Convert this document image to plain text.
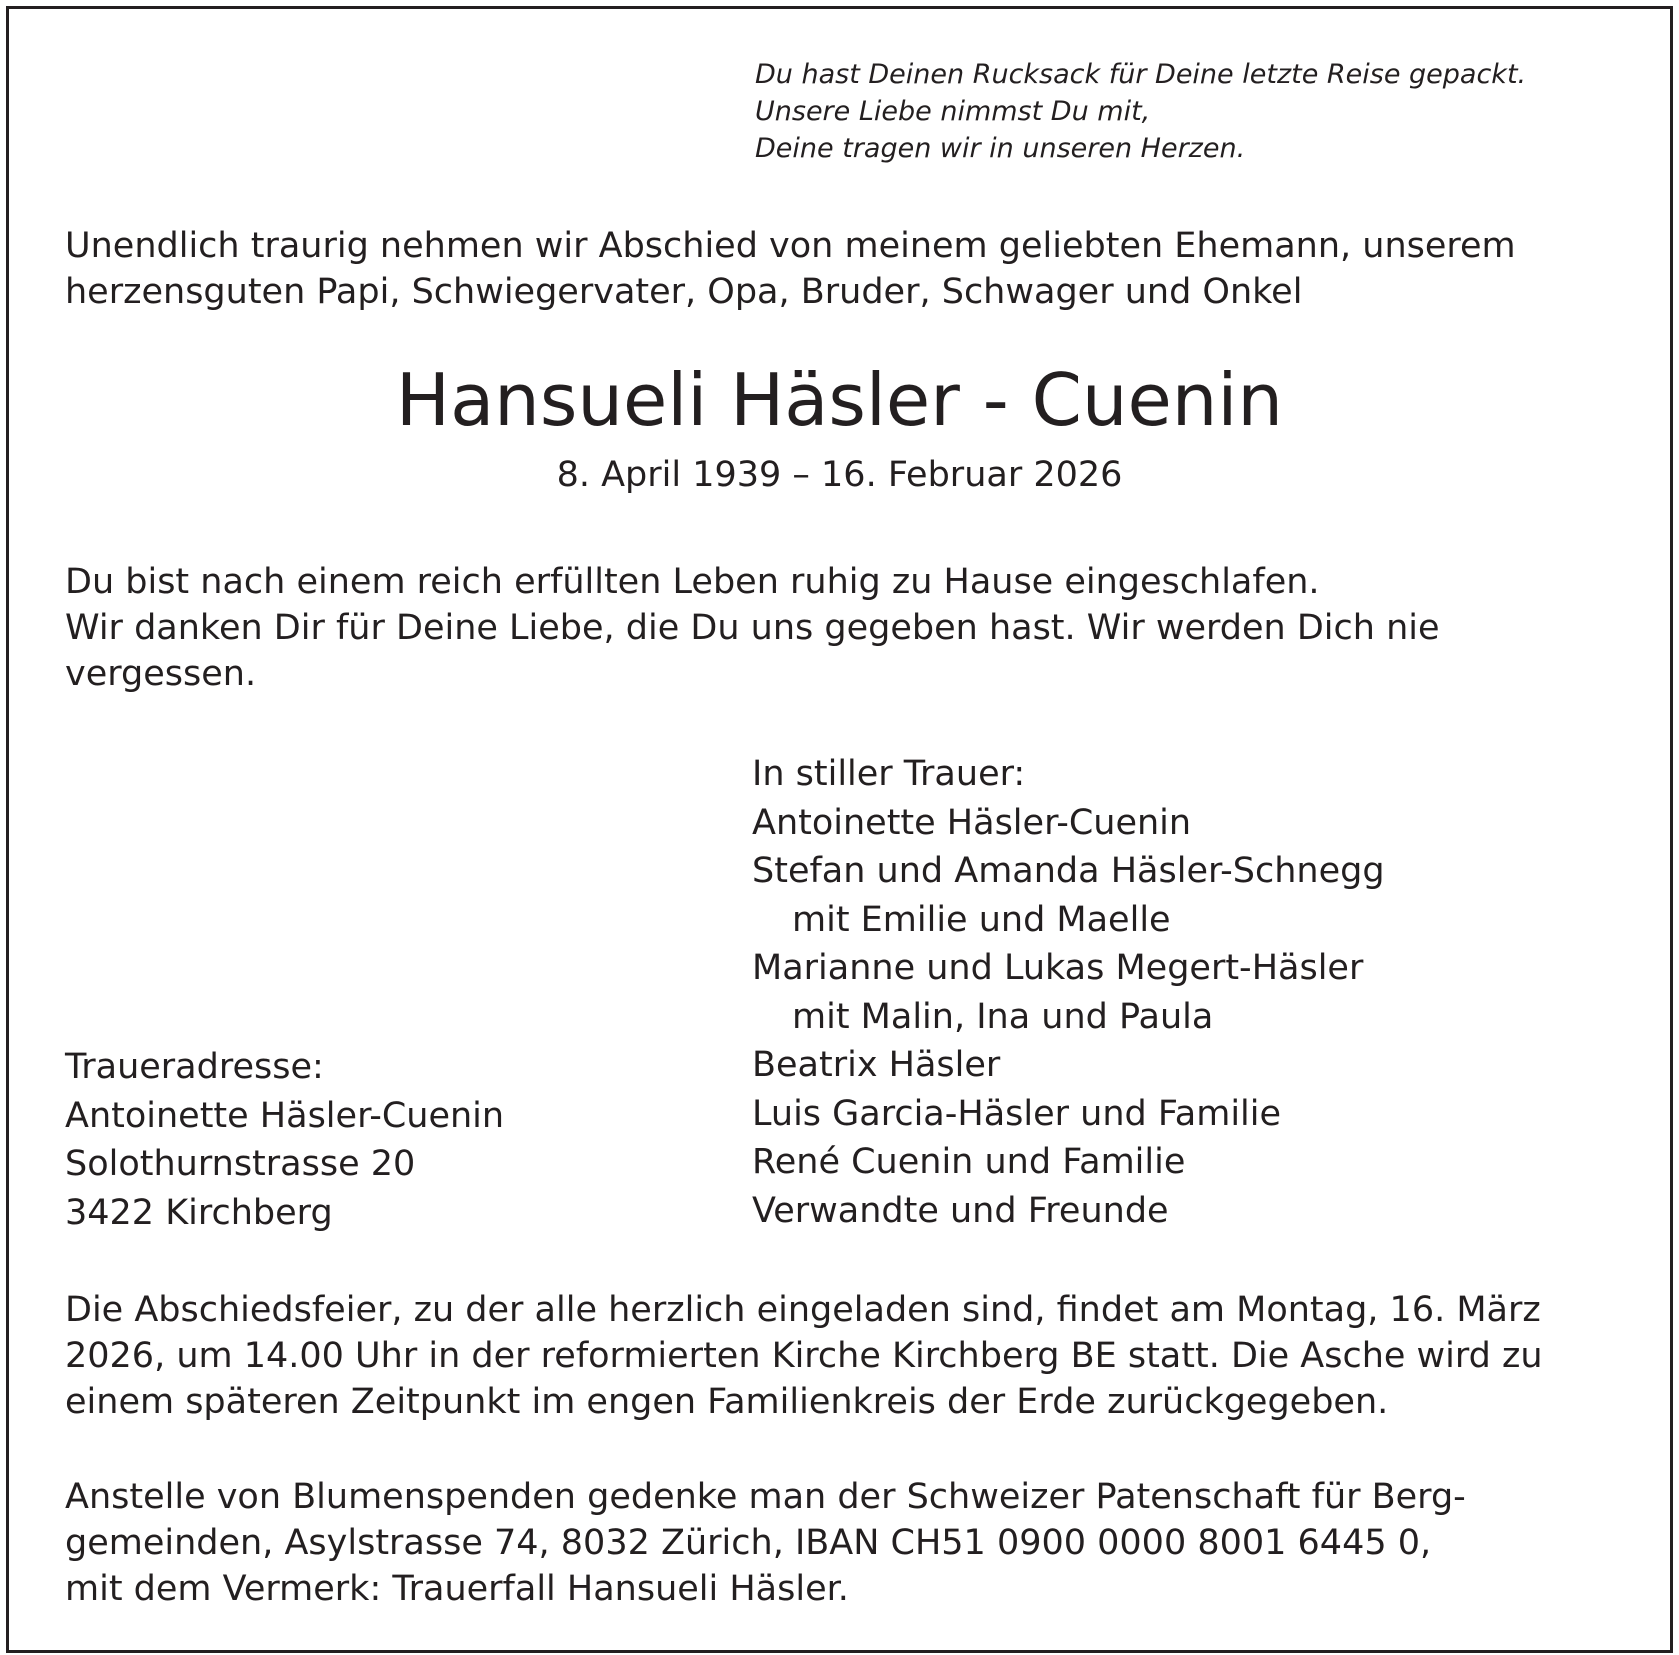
Du hast Deinen Rucksack für Deine letzte Reise gepackt.
Unsere Liebe nimmst Du mit,
Deine tragen wir in unseren Herzen.
Unendlich traurig nehmen wir Abschied von meinem geliebten Ehemann, unserem
herzensguten Papi, Schwiegervater, Opa, Bruder, Schwager und Onkel
Hansueli Häsler - Cuenin
8. April 1939 – 16. Februar 2026
Du bist nach einem reich erfüllten Leben ruhig zu Hause eingeschlafen.
Wir danken Dir für Deine Liebe, die Du uns gegeben hast. Wir werden Dich nie
vergessen.
In stiller Trauer:
Antoinette Häsler-Cuenin
Stefan und Amanda Häsler-Schnegg
mit Emilie und Maelle
Marianne und Lukas Megert-Häsler
mit Malin, Ina und Paula
Beatrix Häsler
Luis Garcia-Häsler und Familie
René Cuenin und Familie
Verwandte und Freunde
Traueradresse:
Antoinette Häsler-Cuenin
Solothurnstrasse 20
3422 Kirchberg
Die Abschiedsfeier, zu der alle herzlich eingeladen sind, findet am Montag, 16. März
2026, um 14.00 Uhr in der reformierten Kirche Kirchberg BE statt. Die Asche wird zu
einem späteren Zeitpunkt im engen Familienkreis der Erde zurückgegeben.
Anstelle von Blumenspenden gedenke man der Schweizer Patenschaft für Berg-
gemeinden, Asylstrasse 74, 8032 Zürich, IBAN CH51 0900 0000 8001 6445 0,
mit dem Vermerk: Trauerfall Hansueli Häsler.
